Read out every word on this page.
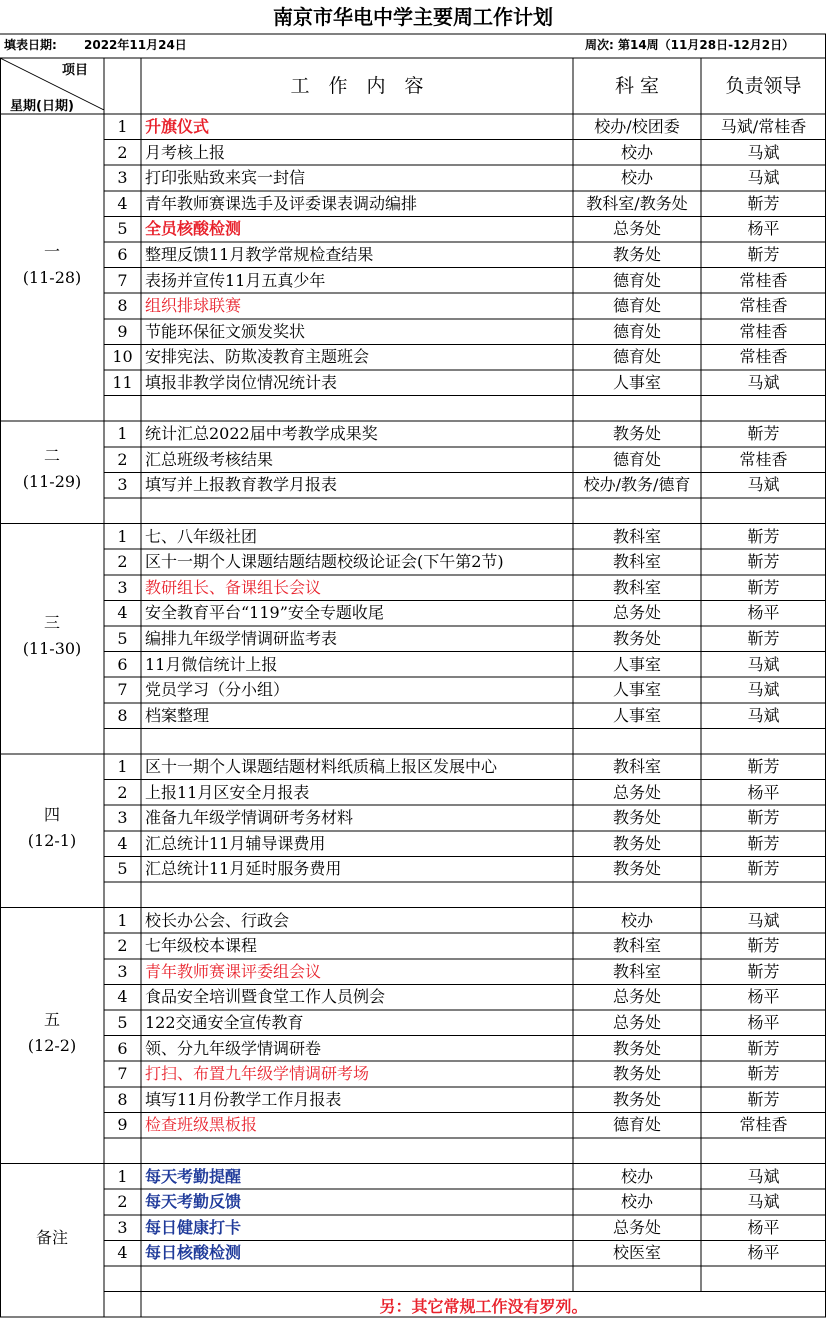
南京市华电中学主要周工作计划
填表日期: 2022年11月24日	周次: 第14周（11月28日-12月2日）
项目
星期(日期)
工　作　内　容	科 室	负责领导
1	升旗仪式	校办/校团委	马斌/常桂香
2	月考核上报	校办	马斌
3	打印张贴致来宾一封信	校办	马斌
4	青年教师赛课选手及评委课表调动编排	教科室/教务处	靳芳
5	全员核酸检测	总务处	杨平
6	整理反馈11月教学常规检查结果	教务处	靳芳
7	表扬并宣传11月五真少年	德育处	常桂香
8	组织排球联赛	德育处	常桂香
9	节能环保征文颁发奖状	德育处	常桂香
10 安排宪法、防欺凌教育主题班会	德育处	常桂香
11 填报非教学岗位情况统计表	人事室	马斌
一
(11-28)
1	统计汇总2022届中考教学成果奖	教务处	靳芳
2	汇总班级考核结果	德育处	常桂香
3	填写并上报教育教学月报表	校办/教务/德育	马斌
二
(11-29)
1	七、八年级社团	教科室	靳芳
2	区十一期个人课题结题结题校级论证会(下午第2节)	教科室	靳芳
3	教研组长、备课组长会议	教科室	靳芳
4	安全教育平台“119”安全专题收尾	总务处	杨平
5	编排九年级学情调研监考表	教务处	靳芳
6	11月微信统计上报	人事室	马斌
7	党员学习（分小组）	人事室	马斌
8	档案整理	人事室	马斌
三
(11-30)
1	区十一期个人课题结题材料纸质稿上报区发展中心	教科室	靳芳
2	上报11月区安全月报表	总务处	杨平
3	准备九年级学情调研考务材料	教务处	靳芳
4	汇总统计11月辅导课费用	教务处	靳芳
5	汇总统计11月延时服务费用	教务处	靳芳
四
(12-1)
1	校长办公会、行政会	校办	马斌
2	七年级校本课程	教科室	靳芳
3	青年教师赛课评委组会议	教科室	靳芳
4	食品安全培训暨食堂工作人员例会	总务处	杨平
5	122交通安全宣传教育	总务处	杨平
6	领、分九年级学情调研卷	教务处	靳芳
7	打扫、布置九年级学情调研考场	教务处	靳芳
8	填写11月份教学工作月报表	教务处	靳芳
9	检查班级黑板报	德育处	常桂香
五
(12-2)
1	每天考勤提醒	校办	马斌
2	每天考勤反馈	校办	马斌
3	每日健康打卡	总务处	杨平
4	每日核酸检测	校医室	杨平
备注
另：其它常规工作没有罗列。
